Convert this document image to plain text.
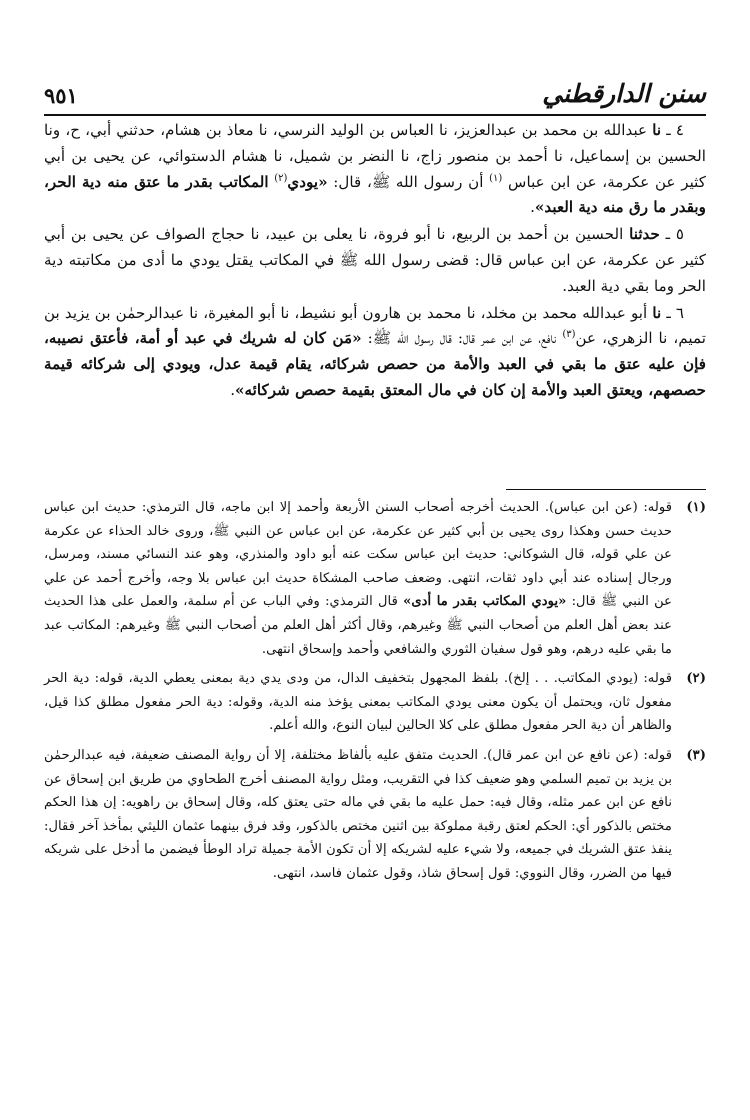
٩٥١	سنن الدارقطني

٤ ـ نا عبدالله بن محمد بن عبدالعزيز، نا العباس بن الوليد النرسي، نا معاذ بن هشام، حدثني أبي، ح، ونا الحسين بن إسماعيل، نا أحمد بن منصور زاج، نا النضر بن شميل، نا هشام الدستوائي، عن يحيى بن أبي كثير عن عكرمة، عن ابن عباس $^{(١)}$ أن رسول الله ﷺ، قال: «يودي$^{(٢)}$ المكاتب بقدر ما عتق منه دية الحر، وبقدر ما رق منه دية العبد».

٥ ـ حدثنا الحسين بن أحمد بن الربيع، نا أبو فروة، نا يعلى بن عبيد، نا حجاج الصواف عن يحيى بن أبي كثير عن عكرمة، عن ابن عباس قال: قضى رسول الله ﷺ في المكاتب يقتل يودي ما أدى من مكاتبته دية الحر وما بقي دية العبد.

٦ ـ نا أبو عبدالله محمد بن مخلد، نا محمد بن هارون أبو نشيط، نا أبو المغيرة، نا عبدالرحمٰن بن يزيد بن تميم، نا الزهري، عن$^{(٣)}$ نافع، عن ابن عمر قال: قال رسول الله ﷺ: «مَن كان له شريك في عبد أو أمة، فأعتق نصيبه، فإن عليه عتق ما بقي في العبد والأمة من حصص شركائه، يقام قيمة عدل، ويودي إلى شركائه قيمة حصصهم، ويعتق العبد والأمة إن كان في مال المعتق بقيمة حصص شركائه».

(١)
قوله: (عن ابن عباس). الحديث أخرجه أصحاب السنن الأربعة وأحمد إلا ابن ماجه، قال الترمذي: حديث ابن عباس حديث حسن وهكذا روى يحيى بن أبي كثير عن عكرمة، عن ابن عباس عن النبي ﷺ، وروى خالد الحذاء عن عكرمة عن علي قوله، قال الشوكاني: حديث ابن عباس سكت عنه أبو داود والمنذري، وهو عند النسائي مسند، ومرسل، ورجال إسناده عند أبي داود ثقات، انتهى. وضعف صاحب المشكاة حديث ابن عباس بلا وجه، وأخرج أحمد عن علي عن النبي ﷺ قال: «يودي المكاتب بقدر ما أدى» قال الترمذي: وفي الباب عن أم سلمة، والعمل على هذا الحديث عند بعض أهل العلم من أصحاب النبي ﷺ وغيرهم، وقال أكثر أهل العلم من أصحاب النبي ﷺ وغيرهم: المكاتب عبد ما بقي عليه درهم، وهو قول سفيان الثوري والشافعي وأحمد وإسحاق انتهى.
(٢)
قوله: (يودي المكاتب. . . إلخ). بلفظ المجهول بتخفيف الدال، من ودى يدي دية بمعنى يعطي الدية، قوله: دية الحر مفعول ثان، ويحتمل أن يكون معنى يودي المكاتب بمعنى يؤخذ منه الدية، وقوله: دية الحر مفعول مطلق كذا قيل، والظاهر أن دية الحر مفعول مطلق على كلا الحالين لبيان النوع، والله أعلم.
(٣)
قوله: (عن نافع عن ابن عمر قال). الحديث متفق عليه بألفاظ مختلفة، إلا أن رواية المصنف ضعيفة، فيه عبدالرحمٰن بن يزيد بن تميم السلمي وهو ضعيف كذا في التقريب، ومثل رواية المصنف أخرج الطحاوي من طريق ابن إسحاق عن نافع عن ابن عمر مثله، وقال فيه: حمل عليه ما بقي في ماله حتى يعتق كله، وقال إسحاق بن راهويه: إن هذا الحكم مختص بالذكور أي: الحكم لعتق رقبة مملوكة بين اثنين مختص بالذكور، وقد فرق بينهما عثمان الليثي بمأخذ آخر فقال: ينفذ عتق الشريك في جميعه، ولا شيء عليه لشريكه إلا أن تكون الأمة جميلة تراد الوطأ فيضمن ما أدخل على شريكه فيها من الضرر، وقال النووي: قول إسحاق شاذ، وقول عثمان فاسد، انتهى.
